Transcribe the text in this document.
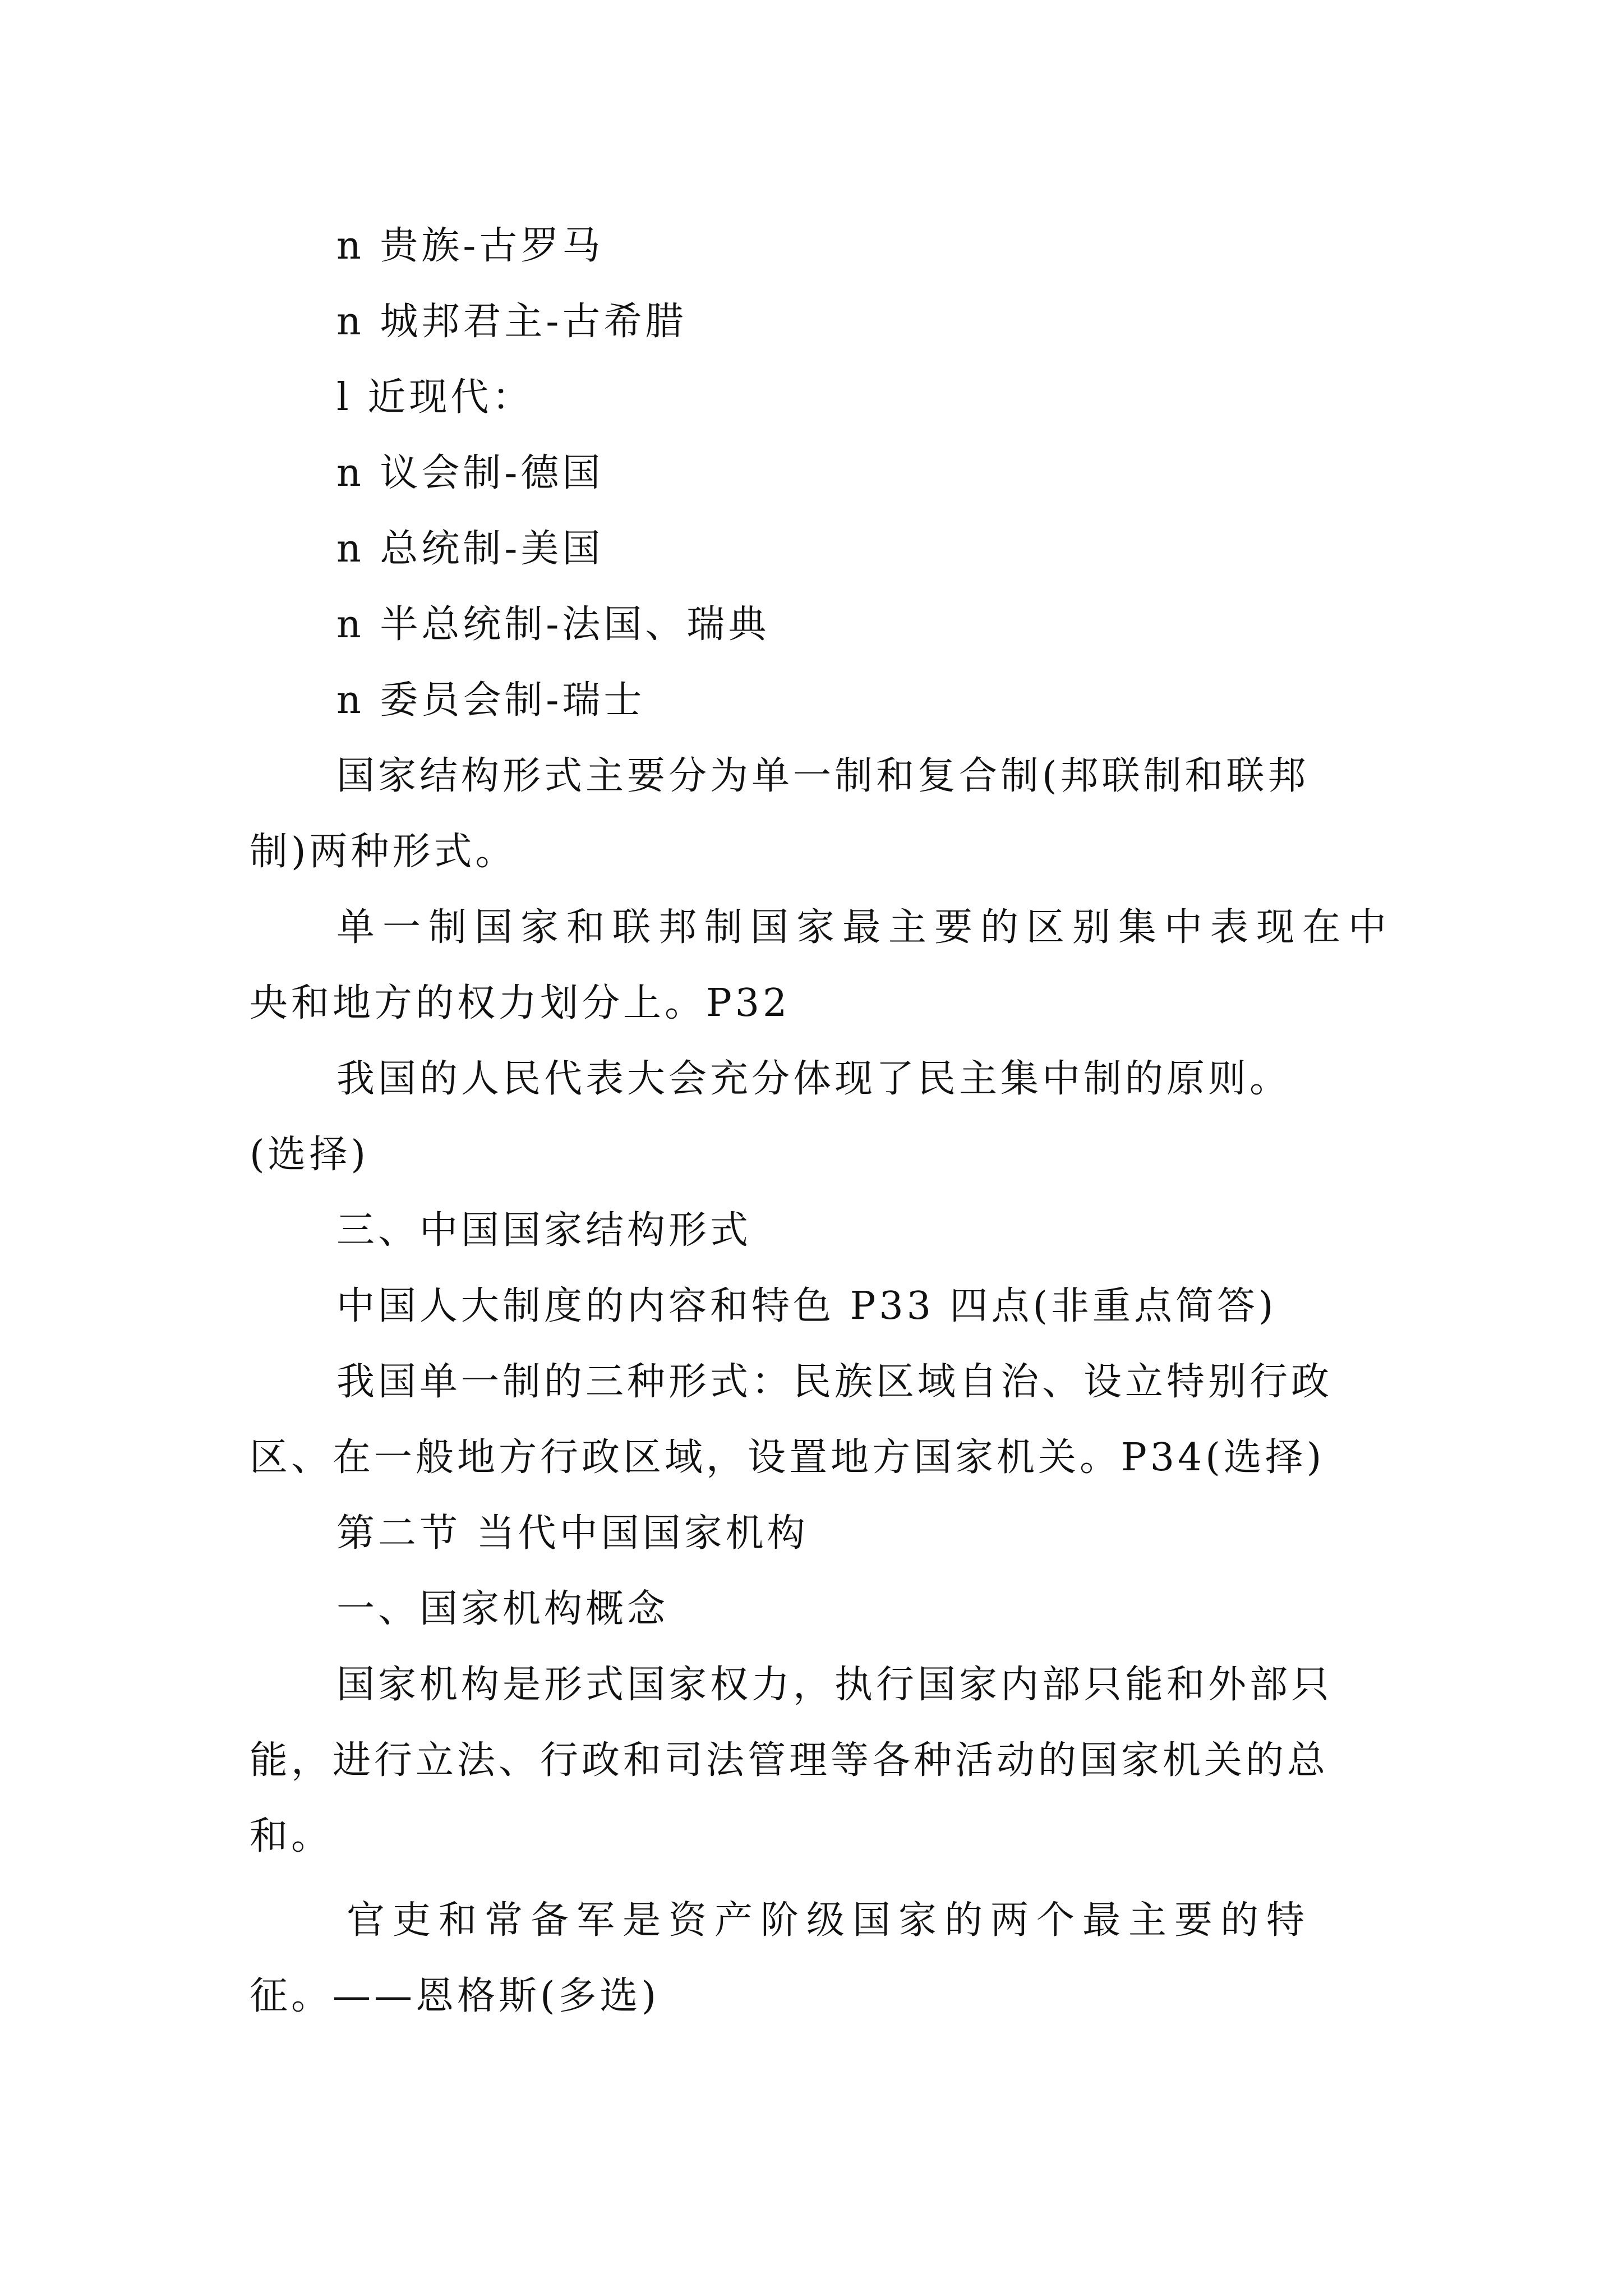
n 贵族-古罗马
n 城邦君主-古希腊
l 近现代：
n 议会制-德国
n 总统制-美国
n 半总统制-法国、瑞典
n 委员会制-瑞士
国家结构形式主要分为单一制和复合制(邦联制和联邦
制)两种形式。
单一制国家和联邦制国家最主要的区别集中表现在中
央和地方的权力划分上。P32
我国的人民代表大会充分体现了民主集中制的原则。
(选择)
三、中国国家结构形式
中国人大制度的内容和特色 P33 四点(非重点简答)
我国单一制的三种形式：民族区域自治、设立特别行政
区、在一般地方行政区域，设置地方国家机关。P34(选择)
第二节 当代中国国家机构
一、国家机构概念
国家机构是形式国家权力，执行国家内部只能和外部只
能，进行立法、行政和司法管理等各种活动的国家机关的总
和。
官吏和常备军是资产阶级国家的两个最主要的特
征。——恩格斯(多选)
